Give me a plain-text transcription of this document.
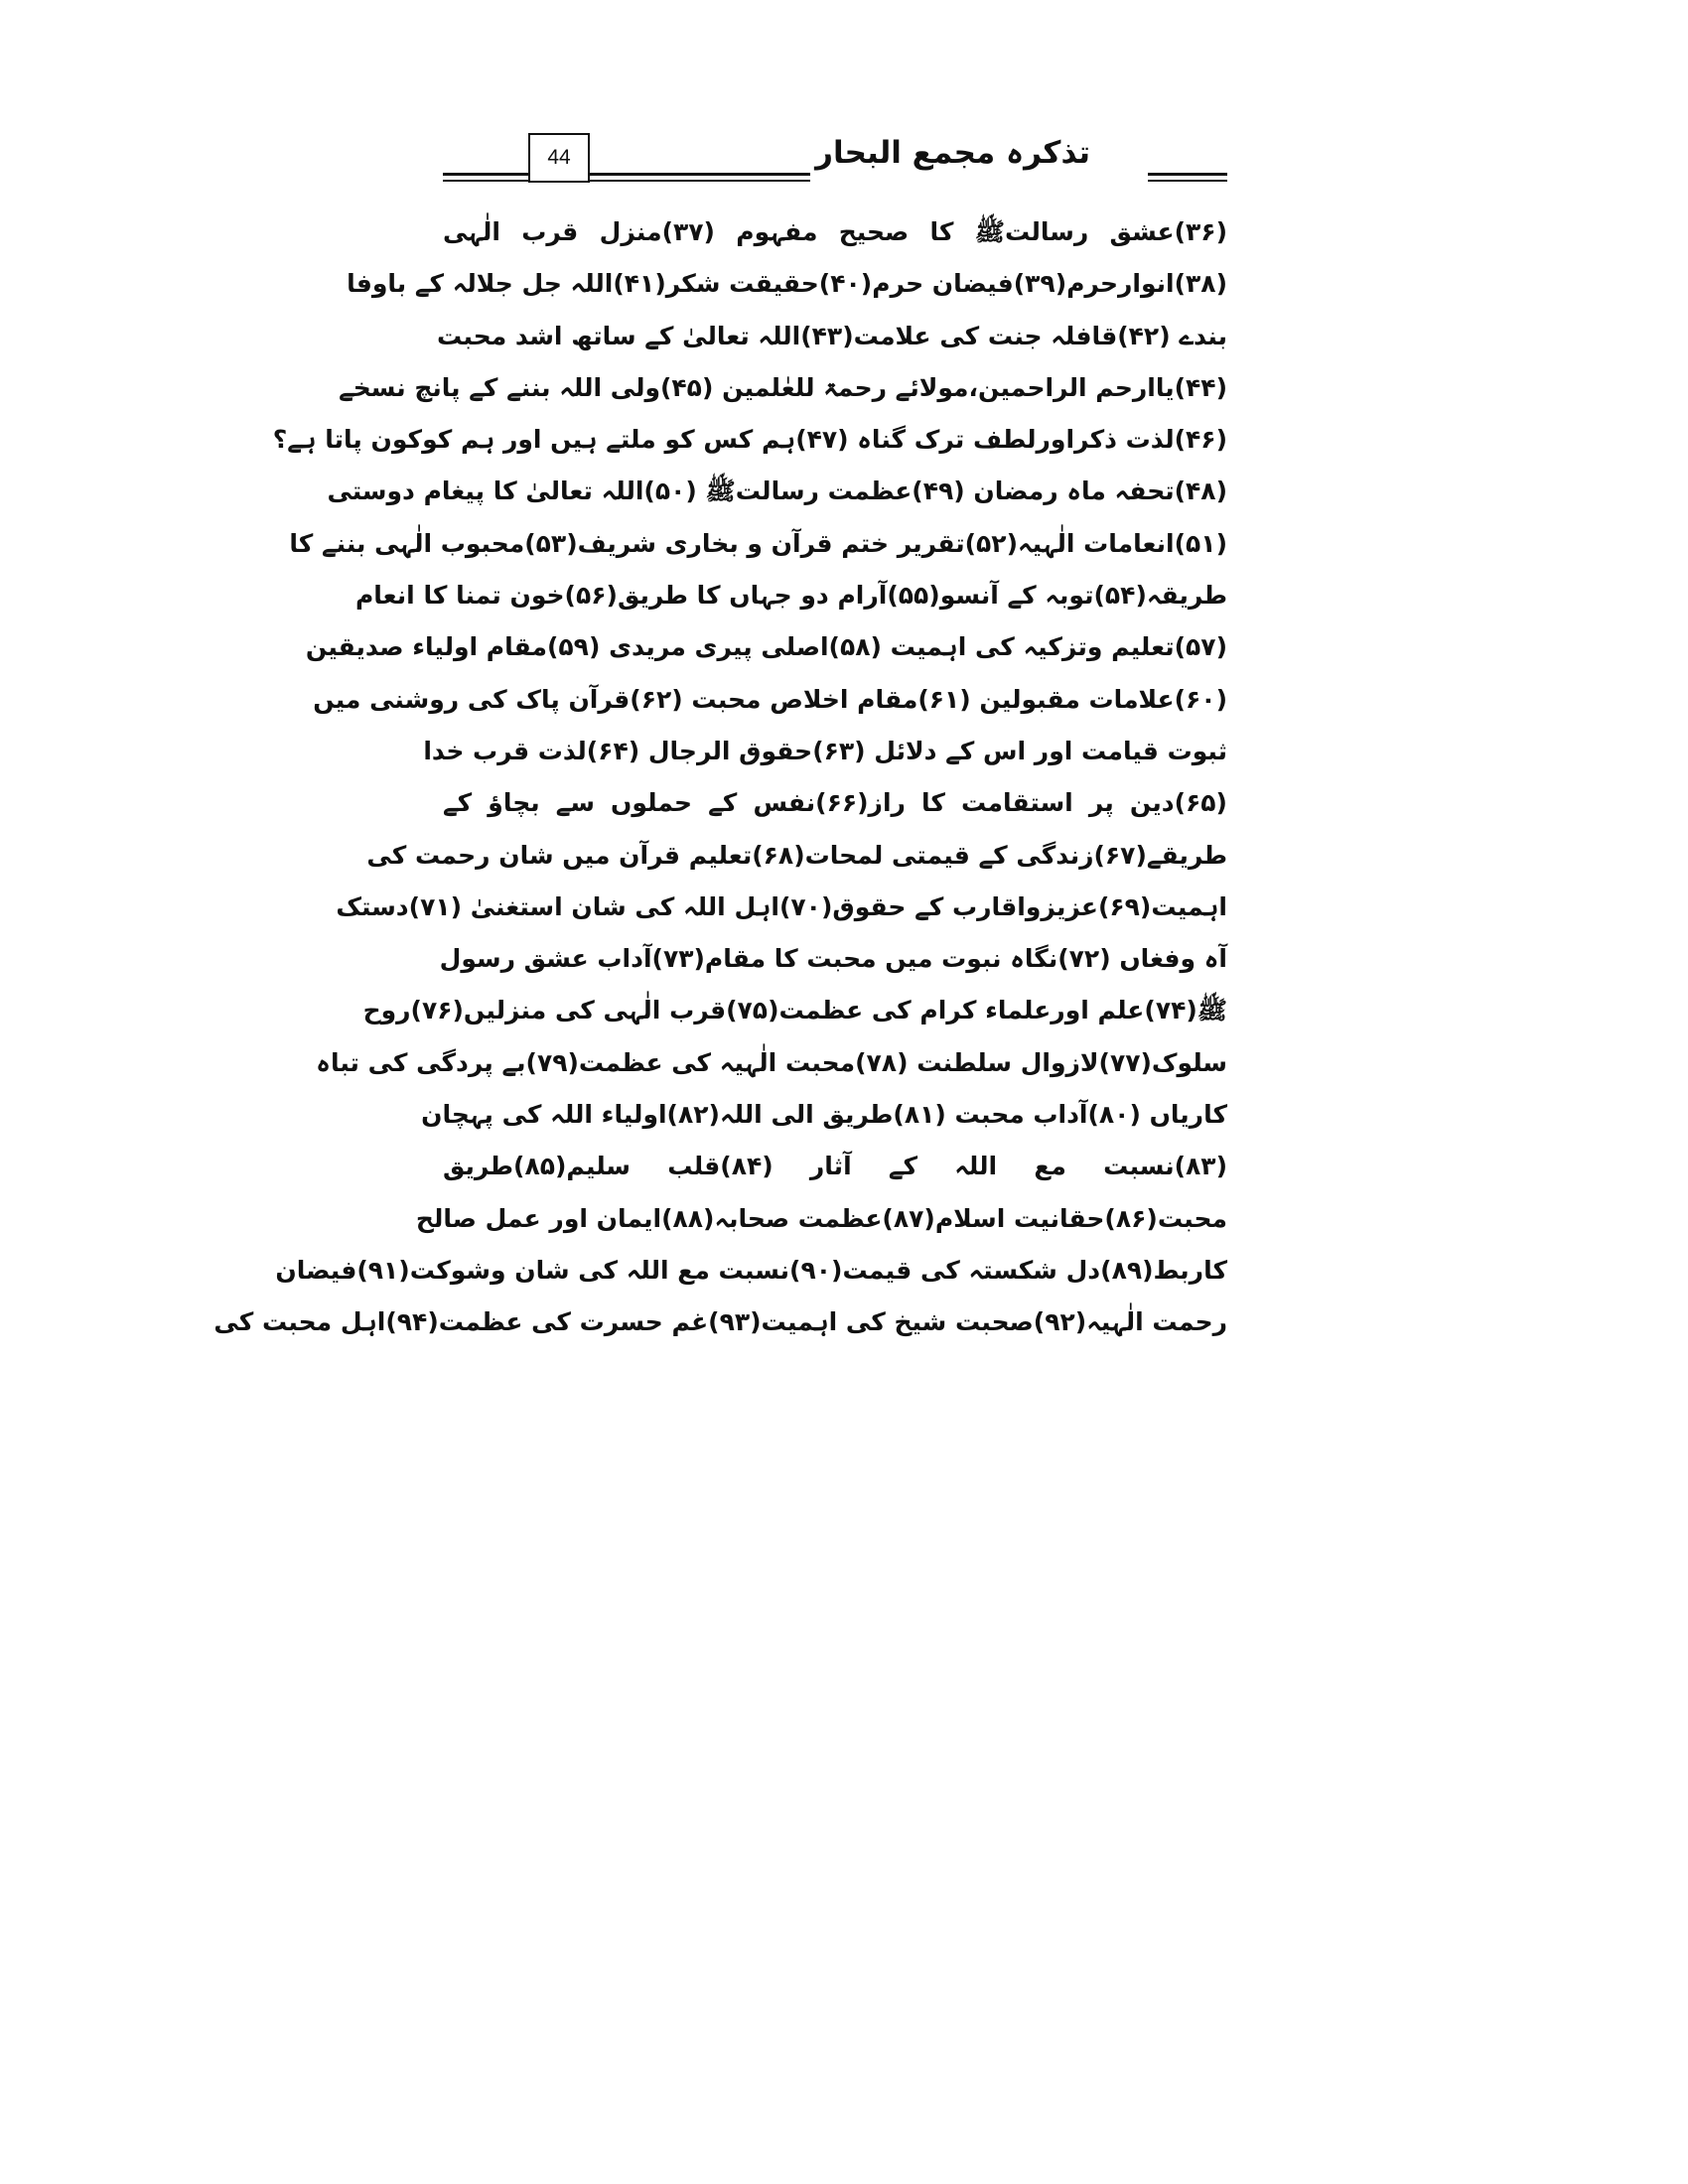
تذکرہ مجمع البحار
44
(۳۶)عشق رسالتﷺ کا صحیح مفہوم (۳۷)منزل قرب الٰہی
(۳۸)انوارحرم(۳۹)فیضان حرم(۴۰)حقیقت شکر(۴۱)اللہ جل جلالہ کے باوفا
بندے (۴۲)قافلہ جنت کی علامت(۴۳)اللہ تعالیٰ کے ساتھ اشد محبت
(۴۴)یاارحم الراحمین،مولائے رحمۃ للعٰلمین (۴۵)ولی اللہ بننے کے پانچ نسخے
(۴۶)لذت ذکراورلطف ترک گناہ (۴۷)ہم کس کو ملتے ہیں اور ہم کوکون پاتا ہے؟
(۴۸)تحفہ ماہ رمضان (۴۹)عظمت رسالتﷺ (۵۰)اللہ تعالیٰ کا پیغام دوستی
(۵۱)انعامات الٰہیہ(۵۲)تقریر ختم قرآن و بخاری شریف(۵۳)محبوب الٰہی بننے کا
طریقہ(۵۴)توبہ کے آنسو(۵۵)آرام دو جہاں کا طریق(۵۶)خون تمنا کا انعام
(۵۷)تعلیم وتزکیہ کی اہمیت (۵۸)اصلی پیری مریدی (۵۹)مقام اولیاء صدیقین
(۶۰)علامات مقبولین (۶۱)مقام اخلاص محبت (۶۲)قرآن پاک کی روشنی میں
ثبوت قیامت اور اس کے دلائل (۶۳)حقوق الرجال (۶۴)لذت قرب خدا
(۶۵)دین پر استقامت کا راز(۶۶)نفس کے حملوں سے بچاؤ کے
طریقے(۶۷)زندگی کے قیمتی لمحات(۶۸)تعلیم قرآن میں شان رحمت کی
اہمیت(۶۹)عزیزواقارب کے حقوق(۷۰)اہل اللہ کی شان استغنیٰ (۷۱)دستک
آہ وفغاں (۷۲)نگاہ نبوت میں محبت کا مقام(۷۳)آداب عشق رسول
ﷺ(۷۴)علم اورعلماء کرام کی عظمت(۷۵)قرب الٰہی کی منزلیں(۷۶)روح
سلوک(۷۷)لازوال سلطنت (۷۸)محبت الٰہیہ کی عظمت(۷۹)بے پردگی کی تباہ
کاریاں (۸۰)آداب محبت (۸۱)طریق الی اللہ(۸۲)اولیاء اللہ کی پہچان
(۸۳)نسبت مع اللہ کے آثار (۸۴)قلب سلیم(۸۵)طریق
محبت(۸۶)حقانیت اسلام(۸۷)عظمت صحابہ(۸۸)ایمان اور عمل صالح
کاربط(۸۹)دل شکستہ کی قیمت(۹۰)نسبت مع اللہ کی شان وشوکت(۹۱)فیضان
رحمت الٰہیہ(۹۲)صحبت شیخ کی اہمیت(۹۳)غم حسرت کی عظمت(۹۴)اہل محبت کی
